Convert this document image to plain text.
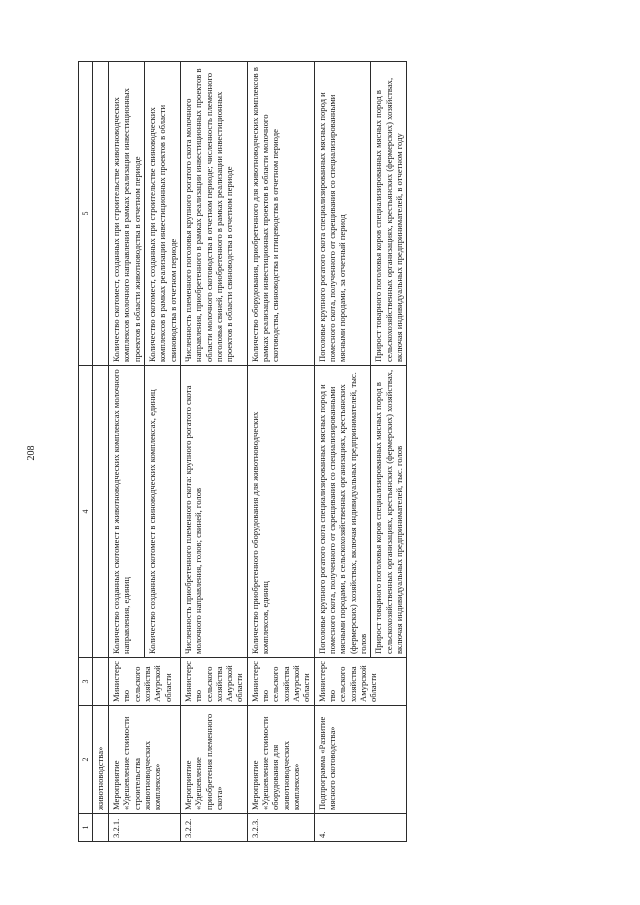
208
1	2	3	4	5
	животноводства»			
3.2.1.	Мероприятие «Удешевление стоимости строительства животноводческих комплексов»	Министерство сельского хозяйства Амурской области	Количество созданных скотомест в животноводческих комплексах молочного направления, единиц	Количество скотомест, созданных при строительстве животноводческих комплексов молочного направления в рамках реализации инвестиционных проектов в области животноводства в отчетном периоде
			Количество созданных скотомест в свиноводческих комплексах, единиц	Количество скотомест, созданных при строительстве свиноводческих комплексов в рамках реализации инвестиционных проектов в области свиноводства в отчетном периоде
3.2.2.	Мероприятие «Удешевление приобретения племенного скота»	Министерство сельского хозяйства Амурской области	Численность приобретенного племенного скота: крупного рогатого скота молочного направления, голов; свиней, голов	Численность племенного поголовья крупного рогатого скота молочного направления, приобретенного в рамках реализации инвестиционных проектов в области молочного скотоводства в отчетном периоде; численность племенного поголовья свиней, приобретенного в рамках реализации инвестиционных проектов в области свиноводства в отчетном периоде
3.2.3.	Мероприятие «Удешевление стоимости оборудования для животноводческих комплексов»	Министерство сельского хозяйства Амурской области	Количество приобретенного оборудования для животноводческих комплексов, единиц	Количество оборудования, приобретенного для животноводческих комплексов в рамках реализации инвестиционных проектов в области молочного скотоводства, свиноводства и птицеводства в отчетном периоде
4.	Подпрограмма «Развитие мясного скотоводства»	Министерство сельского хозяйства Амурской области	Поголовье крупного рогатого скота специализированных мясных пород и помесного скота, полученного от скрещивания со специализированными мясными породами, в сельскохозяйственных организациях, крестьянских (фермерских) хозяйствах, включая индивидуальных предпринимателей, тыс. голов	Поголовье крупного рогатого скота специализированных мясных пород и помесного скота, полученного от скрещивания со специализированными мясными породами, за отчетный период
			Прирост товарного поголовья коров специализированных мясных пород в сельскохозяйственных организациях, крестьянских (фермерских) хозяйствах, включая индивидуальных предпринимателей, тыс. голов	Прирост товарного поголовья коров специализированных мясных пород в сельскохозяйственных организациях, крестьянских (фермерских) хозяйствах, включая индивидуальных предпринимателей, в отчетном году
